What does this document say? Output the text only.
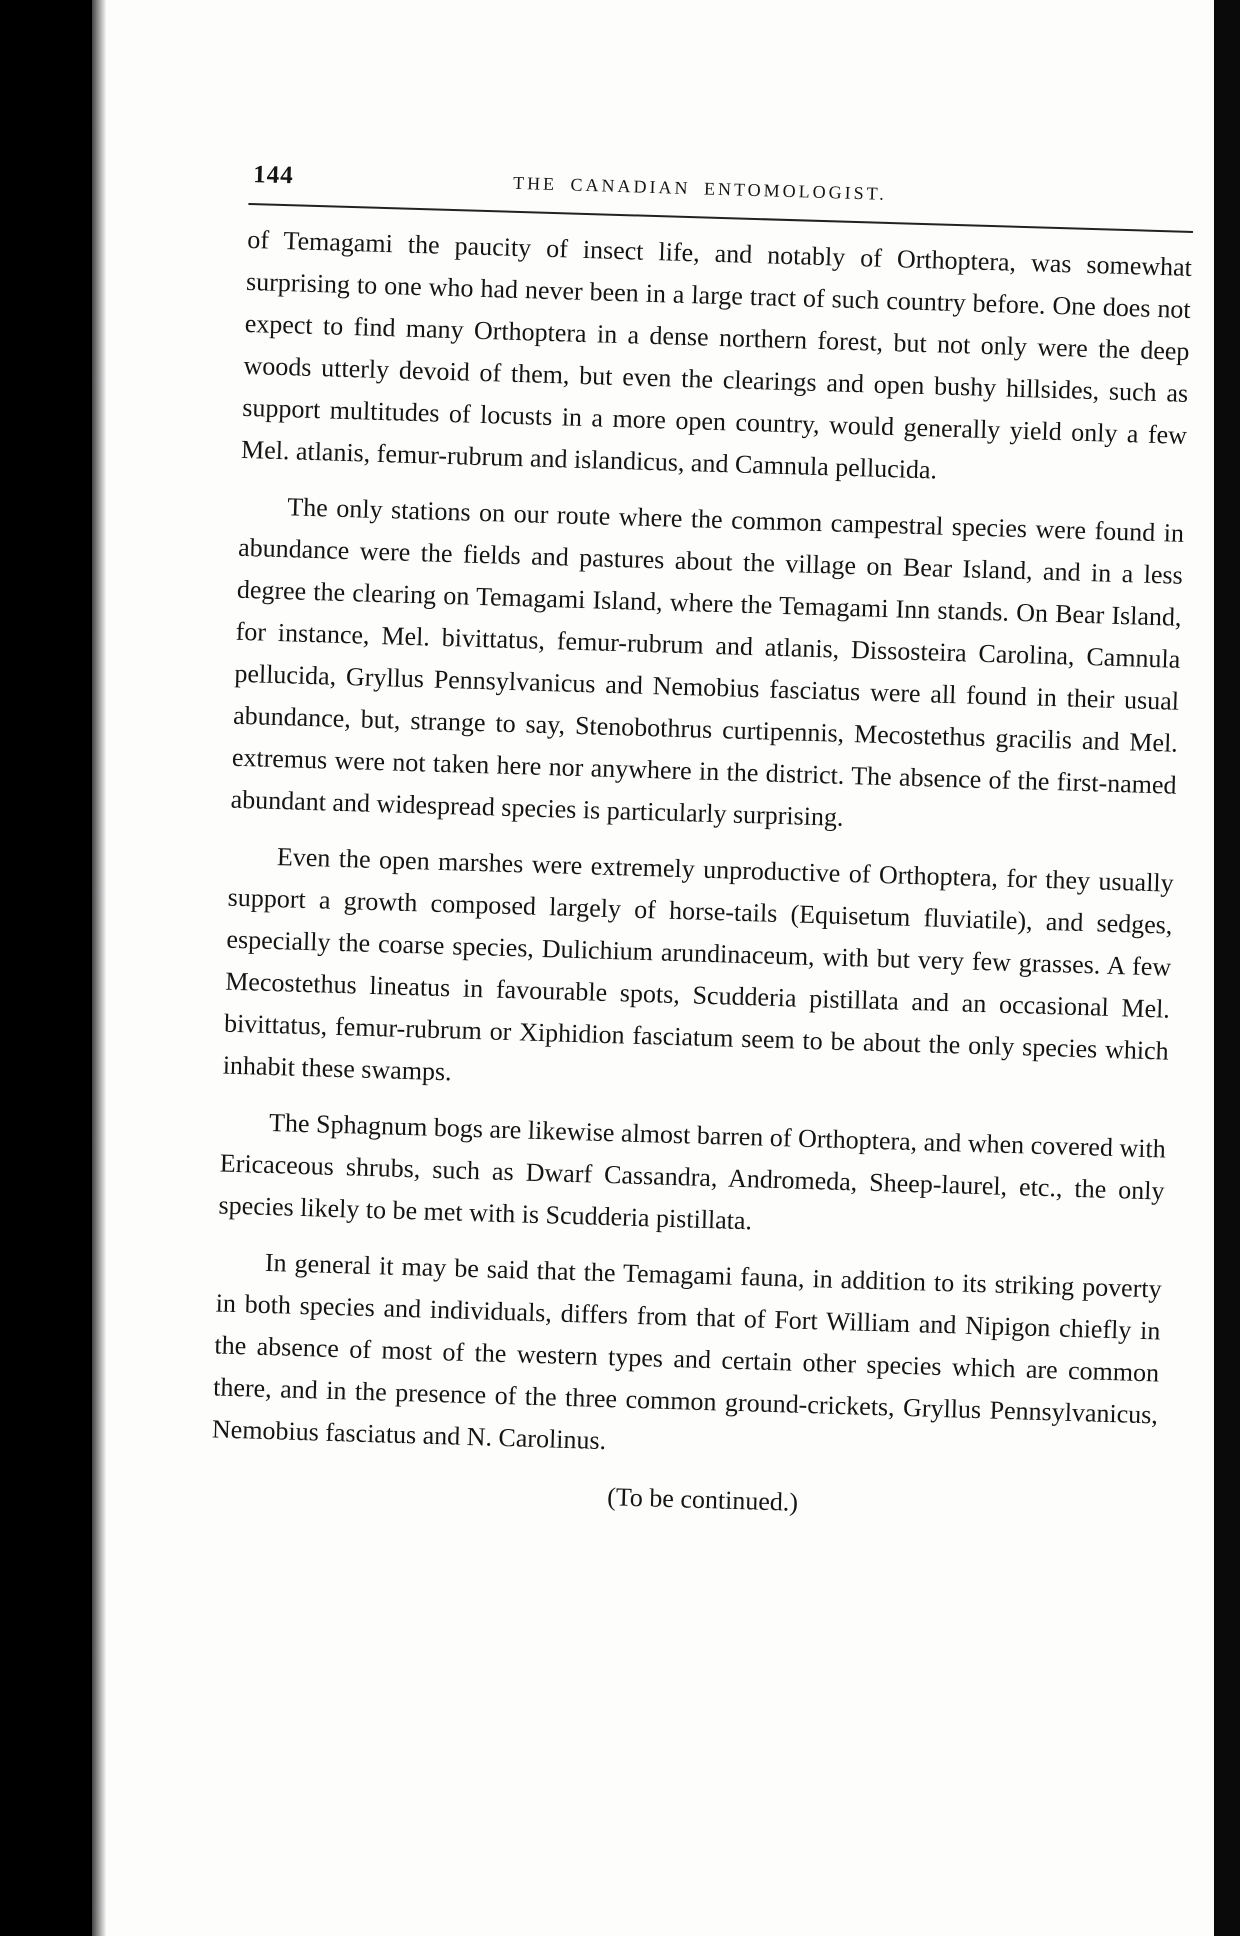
144	THE CANADIAN ENTOMOLOGIST.

of Temagami the paucity of insect life, and notably of Orthoptera, was somewhat surprising to one who had never been in a large tract of such country before. One does not expect to find many Orthoptera in a dense northern forest, but not only were the deep woods utterly devoid of them, but even the clearings and open bushy hillsides, such as support multitudes of locusts in a more open country, would generally yield only a few Mel. atlanis, femur-rubrum and islandicus, and Camnula pellucida.

The only stations on our route where the common campestral species were found in abundance were the fields and pastures about the village on Bear Island, and in a less degree the clearing on Temagami Island, where the Temagami Inn stands. On Bear Island, for instance, Mel. bivittatus, femur-rubrum and atlanis, Dissosteira Carolina, Camnula pellucida, Gryllus Pennsylvanicus and Nemobius fasciatus were all found in their usual abundance, but, strange to say, Stenobothrus curtipennis, Mecostethus gracilis and Mel. extremus were not taken here nor anywhere in the district. The absence of the first-named abundant and widespread species is particularly surprising.

Even the open marshes were extremely unproductive of Orthoptera, for they usually support a growth composed largely of horse-tails (Equisetum fluviatile), and sedges, especially the coarse species, Dulichium arundinaceum, with but very few grasses. A few Mecostethus lineatus in favourable spots, Scudderia pistillata and an occasional Mel. bivittatus, femur-rubrum or Xiphidion fasciatum seem to be about the only species which inhabit these swamps.

The Sphagnum bogs are likewise almost barren of Orthoptera, and when covered with Ericaceous shrubs, such as Dwarf Cassandra, Andromeda, Sheep-laurel, etc., the only species likely to be met with is Scudderia pistillata.

In general it may be said that the Temagami fauna, in addition to its striking poverty in both species and individuals, differs from that of Fort William and Nipigon chiefly in the absence of most of the western types and certain other species which are common there, and in the presence of the three common ground-crickets, Gryllus Pennsylvanicus, Nemobius fasciatus and N. Carolinus.

(To be continued.)
